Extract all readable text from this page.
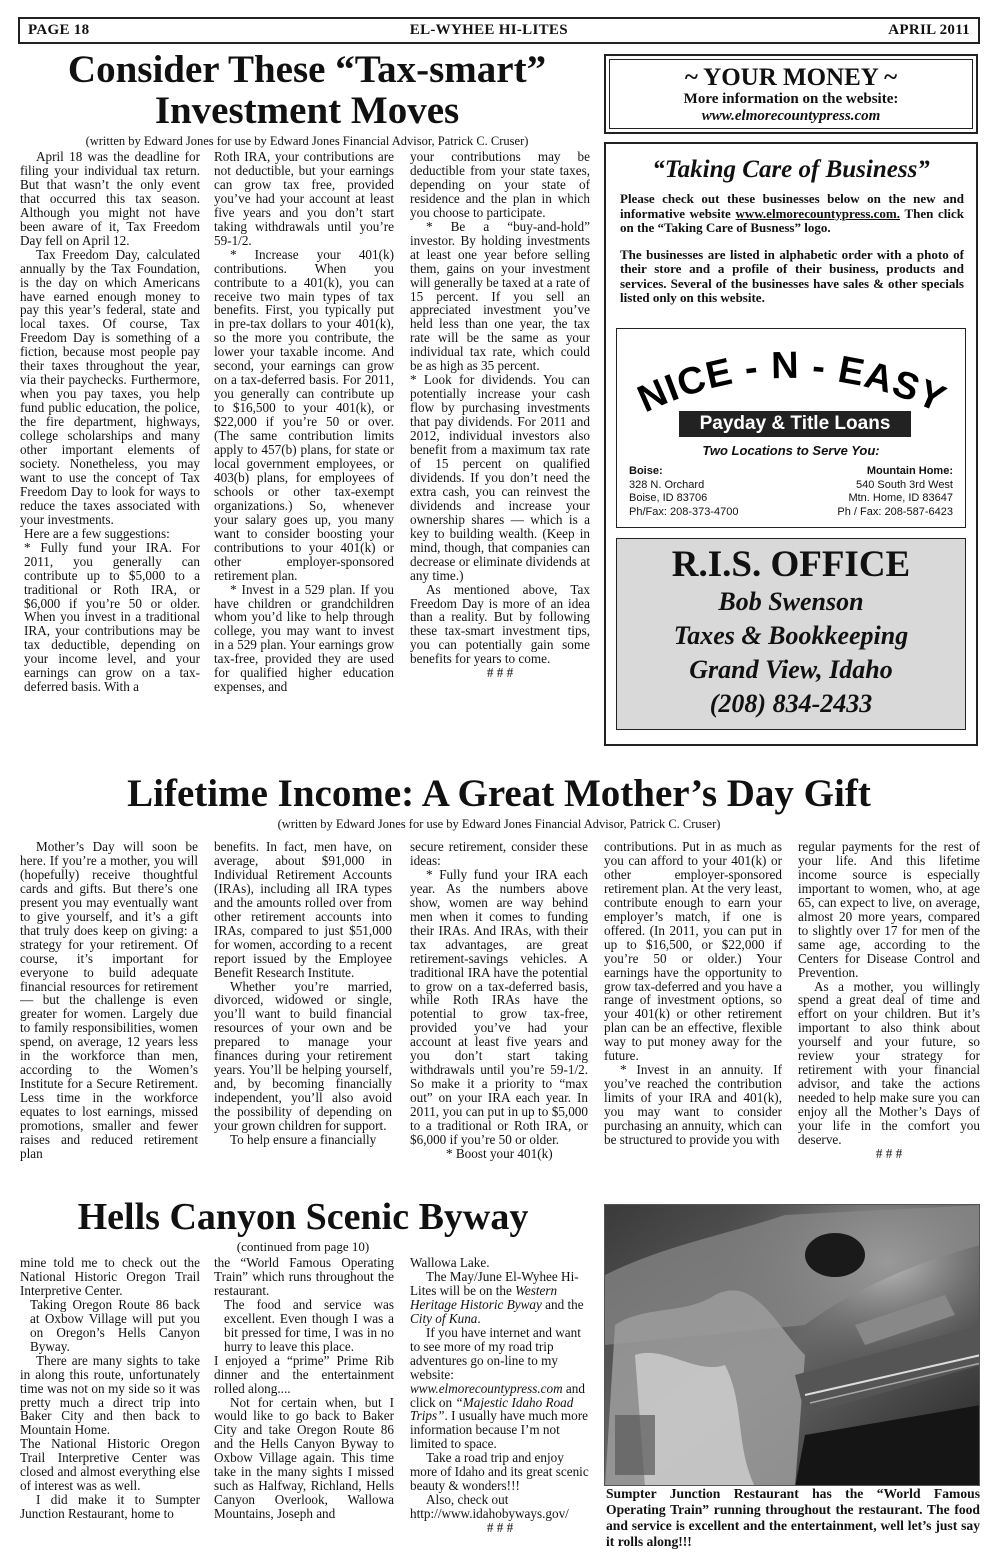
PAGE 18	EL-WYHEE HI-LITES	APRIL 2011
Consider These “Tax-smart”
Investment Moves
(written by Edward Jones for use by Edward Jones Financial Advisor, Patrick C. Cruser)

April 18 was the deadline for filing your individual tax return. But that wasn’t the only event that occurred this tax season. Although you might not have been aware of it, Tax Freedom Day fell on April 12.

Tax Freedom Day, calculated annually by the Tax Foundation, is the day on which Americans have earned enough money to pay this year’s federal, state and local taxes. Of course, Tax Freedom Day is something of a fiction, because most people pay their taxes throughout the year, via their paychecks. Furthermore, when you pay taxes, you help fund public education, the police, the fire department, highways, college scholarships and many other important elements of society. Nonetheless, you may want to use the concept of Tax Freedom Day to look for ways to reduce the taxes associated with your investments.

Here are a few suggestions:

* Fully fund your IRA. For 2011, you generally can contribute up to $5,000 to a traditional or Roth IRA, or $6,000 if you’re 50 or older. When you invest in a traditional IRA, your contributions may be tax deductible, depending on your income level, and your earnings can grow on a tax-deferred basis. With a

Roth IRA, your contributions are not deductible, but your earnings can grow tax free, provided you’ve had your account at least five years and you don’t start taking withdrawals until you’re 59-1/2.

* Increase your 401(k) contributions. When you contribute to a 401(k), you can receive two main types of tax benefits. First, you typically put in pre-tax dollars to your 401(k), so the more you contribute, the lower your taxable income. And second, your earnings can grow on a tax-deferred basis. For 2011, you generally can contribute up to $16,500 to your 401(k), or $22,000 if you’re 50 or over. (The same contribution limits apply to 457(b) plans, for state or local government employees, or 403(b) plans, for employees of schools or other tax-exempt organizations.) So, whenever your salary goes up, you many want to consider boosting your contributions to your 401(k) or other employer-sponsored retirement plan.

* Invest in a 529 plan. If you have children or grandchildren whom you’d like to help through college, you may want to invest in a 529 plan. Your earnings grow tax-free, provided they are used for qualified higher education expenses, and

your contributions may be deductible from your state taxes, depending on your state of residence and the plan in which you choose to participate.

* Be a “buy-and-hold” investor. By holding investments at least one year before selling them, gains on your investment will generally be taxed at a rate of 15 percent. If you sell an appreciated investment you’ve held less than one year, the tax rate will be the same as your individual tax rate, which could be as high as 35 percent.

* Look for dividends. You can potentially increase your cash flow by purchasing investments that pay dividends. For 2011 and 2012, individual investors also benefit from a maximum tax rate of 15 percent on qualified dividends. If you don’t need the extra cash, you can reinvest the dividends and increase your ownership shares — which is a key to building wealth. (Keep in mind, though, that companies can decrease or eliminate dividends at any time.)

As mentioned above, Tax Freedom Day is more of an idea than a reality. But by following these tax-smart investment tips, you can potentially gain some benefits for years to come.

# # #

~ YOUR MONEY ~
More information on the website:
www.elmorecountypress.com
“Taking Care of Business”
Please check out these businesses below on the new and informative website www.elmorecountypress.com. Then click on the “Taking Care of Busness” logo.
The businesses are listed in alphabetic order with a photo of their store and a profile of their business, products and services. Several of the businesses have sales & other specials listed only on this website.
NICE - N - EASY
Payday & Title Loans
Two Locations to Serve You:
Boise:
328 N. Orchard
Boise, ID 83706
Ph/Fax: 208-373-4700
Mountain Home:
540 South 3rd West
Mtn. Home, ID 83647
Ph / Fax: 208-587-6423
R.I.S. OFFICE
Bob Swenson
Taxes & Bookkeeping
Grand View, Idaho
(208) 834-2433
Lifetime Income: A Great Mother’s Day Gift
(written by Edward Jones for use by Edward Jones Financial Advisor, Patrick C. Cruser)

Mother’s Day will soon be here. If you’re a mother, you will (hopefully) receive thoughtful cards and gifts. But there’s one present you may eventually want to give yourself, and it’s a gift that truly does keep on giving: a strategy for your retirement. Of course, it’s important for everyone to build adequate financial resources for retirement — but the challenge is even greater for women. Largely due to family responsibilities, women spend, on average, 12 years less in the workforce than men, according to the Women’s Institute for a Secure Retirement. Less time in the workforce equates to lost earnings, missed promotions, smaller and fewer raises and reduced retirement plan

benefits. In fact, men have, on average, about $91,000 in Individual Retirement Accounts (IRAs), including all IRA types and the amounts rolled over from other retirement accounts into IRAs, compared to just $51,000 for women, according to a recent report issued by the Employee Benefit Research Institute.

Whether you’re married, divorced, widowed or single, you’ll want to build financial resources of your own and be prepared to manage your finances during your retirement years. You’ll be helping yourself, and, by becoming financially independent, you’ll also avoid the possibility of depending on your grown children for support.

To help ensure a financially

secure retirement, consider these ideas:

* Fully fund your IRA each year. As the numbers above show, women are way behind men when it comes to funding their IRAs. And IRAs, with their tax advantages, are great retirement-savings vehicles. A traditional IRA have the potential to grow on a tax-deferred basis, while Roth IRAs have the potential to grow tax-free, provided you’ve had your account at least five years and you don’t start taking withdrawals until you’re 59-1/2. So make it a priority to “max out” on your IRA each year. In 2011, you can put in up to $5,000 to a traditional or Roth IRA, or $6,000 if you’re 50 or older.

* Boost your 401(k)

contributions. Put in as much as you can afford to your 401(k) or other employer-sponsored retirement plan. At the very least, contribute enough to earn your employer’s match, if one is offered. (In 2011, you can put in up to $16,500, or $22,000 if you’re 50 or older.) Your earnings have the opportunity to grow tax-deferred and you have a range of investment options, so your 401(k) or other retirement plan can be an effective, flexible way to put money away for the future.

* Invest in an annuity. If you’ve reached the contribution limits of your IRA and 401(k), you may want to consider purchasing an annuity, which can be structured to provide you with

regular payments for the rest of your life. And this lifetime income source is especially important to women, who, at age 65, can expect to live, on average, almost 20 more years, compared to slightly over 17 for men of the same age, according to the Centers for Disease Control and Prevention.

As a mother, you willingly spend a great deal of time and effort on your children. But it’s important to also think about yourself and your future, so review your strategy for retirement with your financial advisor, and take the actions needed to help make sure you can enjoy all the Mother’s Days of your life in the comfort you deserve.

# # #

Hells Canyon Scenic Byway
(continued from page 10)

mine told me to check out the National Historic Oregon Trail Interpretive Center.

Taking Oregon Route 86 back at Oxbow Village will put you on Oregon’s Hells Canyon Byway.

There are many sights to take in along this route, unfortunately time was not on my side so it was pretty much a direct trip into Baker City and then back to Mountain Home.

The National Historic Oregon Trail Interpretive Center was closed and almost everything else of interest was as well.

I did make it to Sumpter Junction Restaurant, home to

the “World Famous Operating Train” which runs throughout the restaurant.

The food and service was excellent. Even though I was a bit pressed for time, I was in no hurry to leave this place.

I enjoyed a “prime” Prime Rib dinner and the entertainment rolled along....

Not for certain when, but I would like to go back to Baker City and take Oregon Route 86 and the Hells Canyon Byway to Oxbow Village again. This time take in the many sights I missed such as Halfway, Richland, Hells Canyon Overlook, Wallowa Mountains, Joseph and

Wallowa Lake.

The May/June El-Wyhee Hi-Lites will be on the Western Heritage Historic Byway and the City of Kuna.

If you have internet and want to see more of my road trip adventures go on-line to my website: www.elmorecountypress.com and click on “Majestic Idaho Road Trips”. I usually have much more information because I’m not limited to space.

Take a road trip and enjoy more of Idaho and its great scenic beauty & wonders!!!

Also, check out http://www.idahobyways.gov/

# # #

Sumpter Junction Restaurant has the “World Famous Operating Train” running throughout the restaurant. The food and service is excellent and the entertainment, well let’s just say it rolls along!!!
